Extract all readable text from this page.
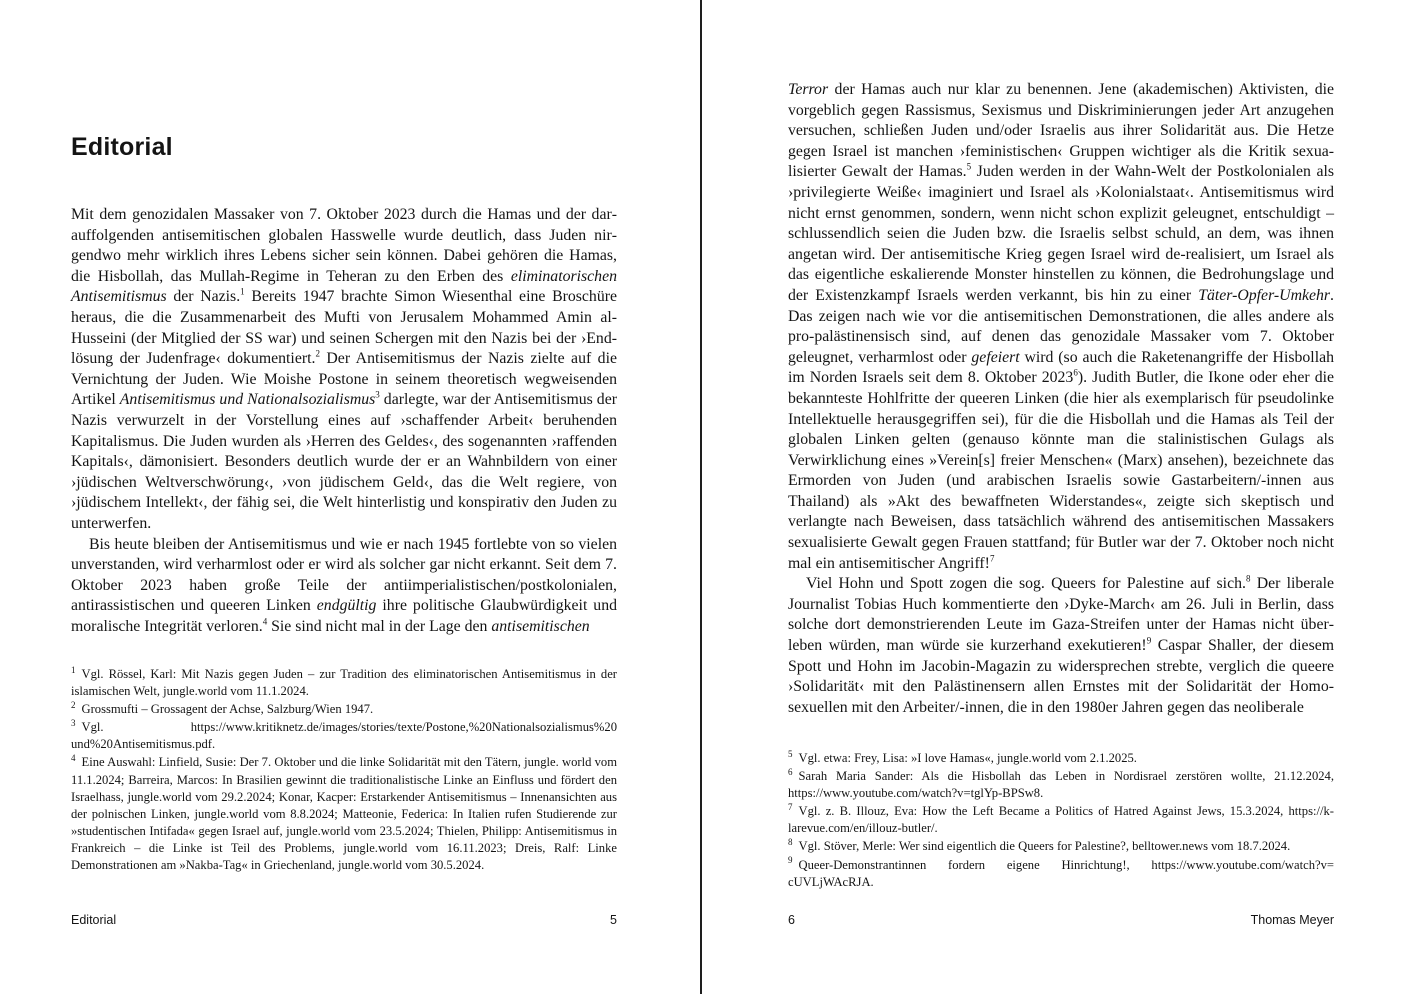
Editorial

Mit dem genozidalen Massaker von 7. Oktober 2023 durch die Hamas und der darauffolgenden antisemitischen globalen Hasswelle wurde deutlich, dass Juden nirgendwo mehr wirklich ihres Lebens sicher sein können. Dabei gehören die Hamas, die Hisbollah, das Mullah-Regime in Teheran zu den Erben des eliminatorischen Antisemitismus der Nazis.$^1$ Bereits 1947 brachte Simon Wiesenthal eine Broschüre heraus, die die Zusammenarbeit des Mufti von Jerusalem Mohammed Amin al-Husseini (der Mitglied der SS war) und seinen Schergen mit den Nazis bei der ›Endlösung der Judenfrage‹ dokumentiert.$^2$ Der Antisemitismus der Nazis zielte auf die Vernichtung der Juden. Wie Moishe Postone in seinem theoretisch wegweisenden Artikel Antisemitismus und Nationalsozialismus$^3$ darlegte, war der Antisemitismus der Nazis verwurzelt in der Vorstellung eines auf ›schaffender Arbeit‹ beruhenden Kapitalismus. Die Juden wurden als ›Herren des Geldes‹, des sogenannten ›raffenden Kapitals‹, dämonisiert. Besonders deutlich wurde der er an Wahnbildern von einer ›jüdischen Weltverschwörung‹, ›von jüdischem Geld‹, das die Welt regiere, von ›jüdischem Intellekt‹, der fähig sei, die Welt hinterlistig und konspirativ den Juden zu unterwerfen.

Bis heute bleiben der Antisemitismus und wie er nach 1945 fortlebte von so vielen unverstanden, wird verharmlost oder er wird als solcher gar nicht erkannt. Seit dem 7. Oktober 2023 haben große Teile der antiimperialistischen/postkolonialen, antirassistischen und queeren Linken endgültig ihre politische Glaubwürdigkeit und moralische Integrität verloren.$^4$ Sie sind nicht mal in der Lage den antisemitischen

$^1$ Vgl. Rössel, Karl: Mit Nazis gegen Juden – zur Tradition des eliminatorischen Antisemitismus in der islamischen Welt, jungle.world vom 11.1.2024.

$^2$ Grossmufti – Grossagent der Achse, Salzburg/Wien 1947.

$^3$ Vgl. https://www.kritiknetz.de/images/stories/texte/Postone,%20Nationalsozialismus%20 und%20Antisemitismus.pdf.

$^4$ Eine Auswahl: Linfield, Susie: Der 7. Oktober und die linke Solidarität mit den Tätern, jungle. world vom 11.1.2024; Barreira, Marcos: In Brasilien gewinnt die traditionalistische Linke an Einfluss und fördert den Israelhass, jungle.world vom 29.2.2024; Konar, Kacper: Erstarkender Antisemitismus – Innenansichten aus der polnischen Linken, jungle.world vom 8.8.2024; Matteonie, Federica: In Italien rufen Studierende zur »studentischen Intifada« gegen Israel auf, jungle.world vom 23.5.2024; Thielen, Philipp: Antisemitismus in Frankreich – die Linke ist Teil des Problems, jungle.world vom 16.11.2023; Dreis, Ralf: Linke Demonstrationen am »Nakba-Tag« in Griechenland, jungle.world vom 30.5.2024.

Editorial	5

Terror der Hamas auch nur klar zu benennen. Jene (akademischen) Aktivisten, die vorgeblich gegen Rassismus, Sexismus und Diskriminierungen jeder Art anzugehen versuchen, schließen Juden und/oder Israelis aus ihrer Solidarität aus. Die Hetze gegen Israel ist manchen ›feministischen‹ Gruppen wichtiger als die Kritik sexualisierter Gewalt der Hamas.$^5$ Juden werden in der Wahn-Welt der Postkolonialen als ›privilegierte Weiße‹ imaginiert und Israel als ›Kolonialstaat‹. Antisemitismus wird nicht ernst genommen, sondern, wenn nicht schon explizit geleugnet, entschuldigt – schlussendlich seien die Juden bzw. die Israelis selbst schuld, an dem, was ihnen angetan wird. Der antisemitische Krieg gegen Israel wird de-realisiert, um Israel als das eigentliche eskalierende Monster hinstellen zu können, die Bedrohungslage und der Existenzkampf Israels werden verkannt, bis hin zu einer Täter-Opfer-Umkehr. Das zeigen nach wie vor die antisemitischen Demonstrationen, die alles andere als pro-palästinensisch sind, auf denen das genozidale Massaker vom 7. Oktober geleugnet, verharmlost oder gefeiert wird (so auch die Raketenangriffe der Hisbollah im Norden Israels seit dem 8. Oktober 2023$^6$). Judith Butler, die Ikone oder eher die bekannteste Hohlfritte der queeren Linken (die hier als exemplarisch für pseudolinke Intellektuelle herausgegriffen sei), für die die Hisbollah und die Hamas als Teil der globalen Linken gelten (genauso könnte man die stalinistischen Gulags als Verwirklichung eines »Verein[s] freier Menschen« (Marx) ansehen), bezeichnete das Ermorden von Juden (und arabischen Israelis sowie Gastarbeitern/-innen aus Thailand) als »Akt des bewaffneten Widerstandes«, zeigte sich skeptisch und verlangte nach Beweisen, dass tatsächlich während des antisemitischen Massakers sexualisierte Gewalt gegen Frauen stattfand; für Butler war der 7. Oktober noch nicht mal ein antisemitischer Angriff!$^7$

Viel Hohn und Spott zogen die sog. Queers for Palestine auf sich.$^8$ Der liberale Journalist Tobias Huch kommentierte den ›Dyke-March‹ am 26. Juli in Berlin, dass solche dort demonstrierenden Leute im Gaza-Streifen unter der Hamas nicht überleben würden, man würde sie kurzerhand exekutieren!$^9$ Caspar Shaller, der diesem Spott und Hohn im Jacobin-Magazin zu widersprechen strebte, verglich die queere ›Solidarität‹ mit den Palästinensern allen Ernstes mit der Solidarität der Homosexuellen mit den Arbeiter/-innen, die in den 1980er Jahren gegen das neoliberale

$^5$ Vgl. etwa: Frey, Lisa: »I love Hamas«, jungle.world vom 2.1.2025.

$^6$ Sarah Maria Sander: Als die Hisbollah das Leben in Nordisrael zerstören wollte, 21.12.2024, https://www.youtube.com/watch?v=tglYp-BPSw8.

$^7$ Vgl. z. B. Illouz, Eva: How the Left Became a Politics of Hatred Against Jews, 15.3.2024, https://k-larevue.com/en/illouz-butler/.

$^8$ Vgl. Stöver, Merle: Wer sind eigentlich die Queers for Palestine?, belltower.news vom 18.7.2024.

$^9$ Queer-Demonstrantinnen fordern eigene Hinrichtung!, https://www.youtube.com/watch?v= cUVLjWAcRJA.

6	Thomas Meyer
